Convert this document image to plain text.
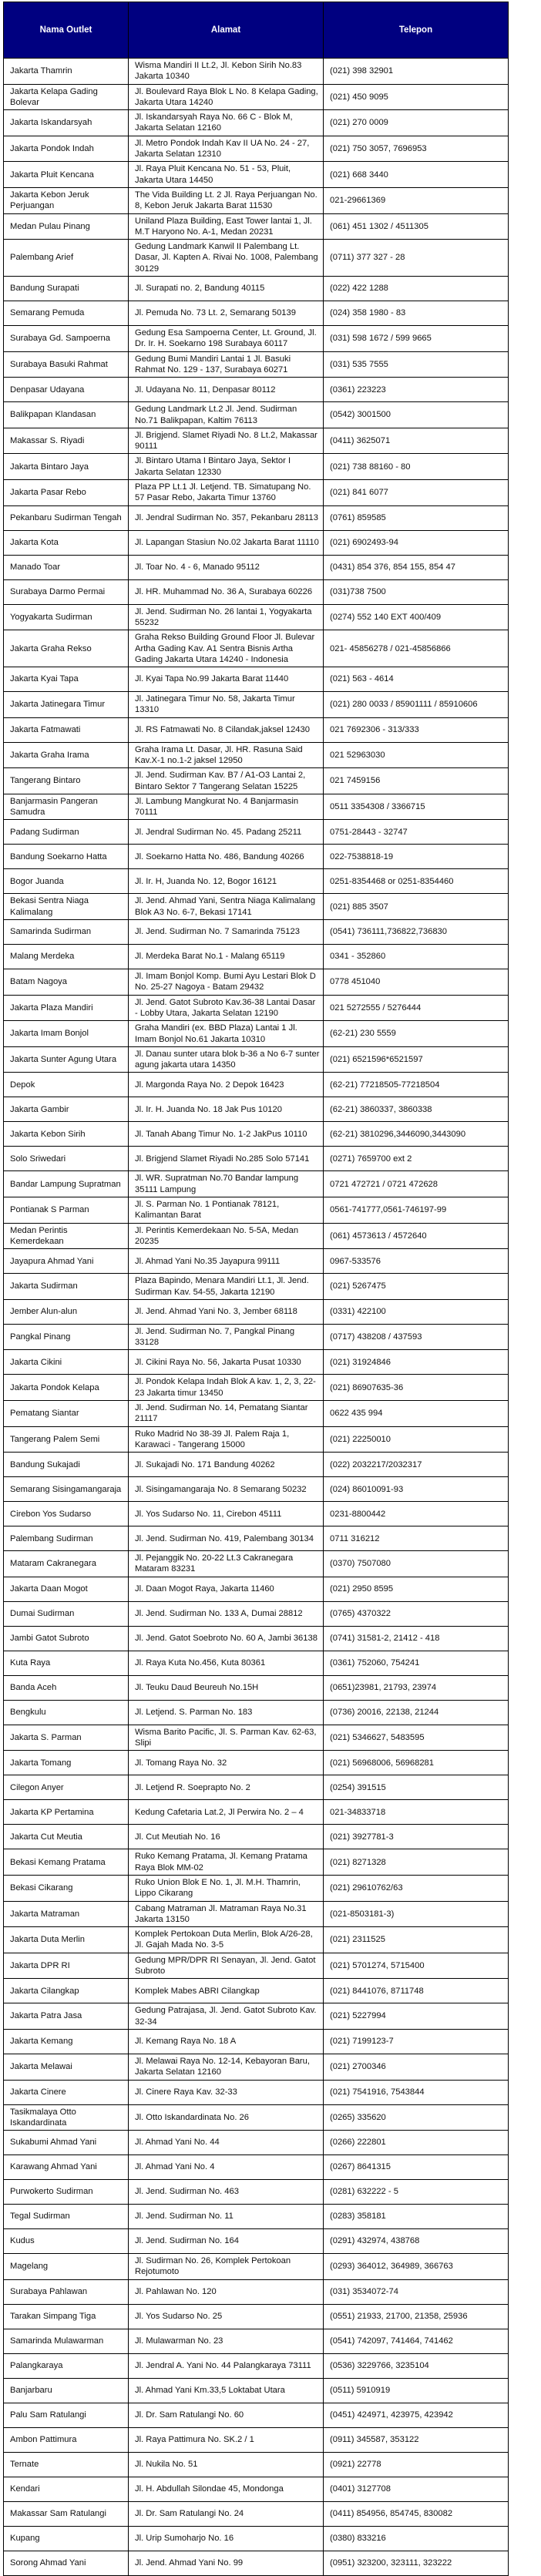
Nama Outlet	Alamat	Telepon
Jakarta Thamrin	Wisma Mandiri II Lt.2, Jl. Kebon Sirih No.83 Jakarta 10340	(021) 398 32901
Jakarta Kelapa Gading Bolevar	Jl. Boulevard Raya Blok L No. 8 Kelapa Gading, Jakarta Utara 14240	(021) 450 9095
Jakarta Iskandarsyah	Jl. Iskandarsyah Raya No. 66 C - Blok M, Jakarta Selatan 12160	(021) 270 0009
Jakarta Pondok Indah	Jl. Metro Pondok Indah Kav II UA No. 24 - 27, Jakarta Selatan 12310	(021) 750 3057, 7696953
Jakarta Pluit Kencana	Jl. Raya Pluit Kencana No. 51 - 53, Pluit, Jakarta Utara 14450	(021) 668 3440
Jakarta Kebon Jeruk Perjuangan	The Vida Building Lt. 2 Jl. Raya Perjuangan No. 8, Kebon Jeruk Jakarta Barat 11530	021-29661369
Medan Pulau Pinang	Uniland Plaza Building, East Tower lantai 1, Jl. M.T Haryono No. A-1, Medan 20231	(061) 451 1302 / 4511305
Palembang Arief	Gedung Landmark Kanwil II Palembang Lt. Dasar, Jl. Kapten A. Rivai No. 1008, Palembang 30129	(0711) 377 327 - 28
Bandung Surapati	Jl. Surapati no. 2, Bandung 40115	(022) 422 1288
Semarang Pemuda	Jl. Pemuda No. 73 Lt. 2, Semarang 50139	(024) 358 1980 - 83
Surabaya Gd. Sampoerna	Gedung Esa Sampoerna Center, Lt. Ground, Jl. Dr. Ir. H. Soekarno 198 Surabaya 60117	(031) 598 1672 / 599 9665
Surabaya Basuki Rahmat	Gedung Bumi Mandiri Lantai 1 Jl. Basuki Rahmat No. 129 - 137, Surabaya 60271	(031) 535 7555
Denpasar Udayana	Jl. Udayana No. 11, Denpasar 80112	(0361) 223223
Balikpapan Klandasan	Gedung Landmark Lt.2 Jl. Jend. Sudirman No.71 Balikpapan, Kaltim 76113	(0542) 3001500
Makassar S. Riyadi	Jl. Brigjend. Slamet Riyadi No. 8 Lt.2, Makassar 90111	(0411) 3625071
Jakarta Bintaro Jaya	Jl. Bintaro Utama I Bintaro Jaya, Sektor I Jakarta Selatan 12330	(021) 738 88160 - 80
Jakarta Pasar Rebo	Plaza PP Lt.1 Jl. Letjend. TB. Simatupang No. 57 Pasar Rebo, Jakarta Timur 13760	(021) 841 6077
Pekanbaru Sudirman Tengah	Jl. Jendral Sudirman No. 357, Pekanbaru 28113	(0761) 859585
Jakarta Kota	Jl. Lapangan Stasiun No.02 Jakarta Barat 11110	(021) 6902493-94
Manado Toar	Jl. Toar No. 4 - 6, Manado 95112	(0431) 854 376, 854 155, 854 47
Surabaya Darmo Permai	Jl. HR. Muhammad No. 36 A, Surabaya 60226	(031)738 7500
Yogyakarta Sudirman	Jl. Jend. Sudirman No. 26 lantai 1, Yogyakarta 55232	(0274) 552 140 EXT 400/409
Jakarta Graha Rekso	Graha Rekso Building Ground Floor Jl. Bulevar Artha Gading Kav. A1 Sentra Bisnis Artha Gading Jakarta Utara 14240 - Indonesia	021- 45856278 / 021-45856866
Jakarta Kyai Tapa	Jl. Kyai Tapa No.99 Jakarta Barat 11440	(021) 563 - 4614
Jakarta Jatinegara Timur	Jl. Jatinegara Timur No. 58, Jakarta Timur 13310	(021) 280 0033 / 85901111 / 85910606
Jakarta Fatmawati	Jl. RS Fatmawati No. 8 Cilandak,jaksel 12430	021 7692306 - 313/333
Jakarta Graha Irama	Graha Irama Lt. Dasar, Jl. HR. Rasuna Said Kav.X-1 no.1-2 jaksel 12950	021 52963030
Tangerang Bintaro	Jl. Jend. Sudirman Kav. B7 / A1-O3 Lantai 2, Bintaro Sektor 7 Tangerang Selatan 15225	021 7459156
Banjarmasin Pangeran Samudra	Jl. Lambung Mangkurat No. 4 Banjarmasin 70111	0511 3354308 / 3366715
Padang Sudirman	Jl. Jendral Sudirman No. 45. Padang 25211	0751-28443 - 32747
Bandung Soekarno Hatta	Jl. Soekarno Hatta No. 486, Bandung 40266	022-7538818-19
Bogor Juanda	Jl. Ir. H, Juanda No. 12, Bogor 16121	0251-8354468 or 0251-8354460
Bekasi Sentra Niaga Kalimalang	Jl. Jend. Ahmad Yani, Sentra Niaga Kalimalang Blok A3 No. 6-7, Bekasi 17141	(021) 885 3507
Samarinda Sudirman	Jl. Jend. Sudirman No. 7 Samarinda 75123	(0541) 736111,736822,736830
Malang Merdeka	Jl. Merdeka Barat No.1 - Malang 65119	0341 - 352860
Batam Nagoya	Jl. Imam Bonjol Komp. Bumi Ayu Lestari Blok D No. 25-27 Nagoya - Batam 29432	0778 451040
Jakarta Plaza Mandiri	Jl. Jend. Gatot Subroto Kav.36-38 Lantai Dasar - Lobby Utara, Jakarta Selatan 12190	021 5272555 / 5276444
Jakarta Imam Bonjol	Graha Mandiri (ex. BBD Plaza) Lantai 1 Jl. Imam Bonjol No.61 Jakarta 10310	(62-21) 230 5559
Jakarta Sunter Agung Utara	Jl. Danau sunter utara blok b-36 a No 6-7 sunter agung jakarta utara 14350	(021) 6521596*6521597
Depok	Jl. Margonda Raya No. 2 Depok 16423	(62-21) 77218505-77218504
Jakarta Gambir	Jl. Ir. H. Juanda No. 18 Jak Pus 10120	(62-21) 3860337, 3860338
Jakarta Kebon Sirih	Jl. Tanah Abang Timur No. 1-2 JakPus 10110	(62-21) 3810296,3446090,3443090
Solo Sriwedari	Jl. Brigjend Slamet Riyadi No.285 Solo 57141	(0271) 7659700 ext 2
Bandar Lampung Supratman	Jl. WR. Supratman No.70 Bandar lampung 35111 Lampung	0721 472721 / 0721 472628
Pontianak S Parman	Jl. S. Parman No. 1 Pontianak 78121, Kalimantan Barat	0561-741777,0561-746197-99
Medan Perintis Kemerdekaan	Jl. Perintis Kemerdekaan No. 5-5A, Medan 20235	(061) 4573613 / 4572640
Jayapura Ahmad Yani	Jl. Ahmad Yani No.35 Jayapura 99111	0967-533576
Jakarta Sudirman	Plaza Bapindo, Menara Mandiri Lt.1, Jl. Jend. Sudirman Kav. 54-55, Jakarta 12190	(021) 5267475
Jember Alun-alun	Jl. Jend. Ahmad Yani No. 3, Jember 68118	(0331) 422100
Pangkal Pinang	Jl. Jend. Sudirman No. 7, Pangkal Pinang 33128	(0717) 438208 / 437593
Jakarta Cikini	Jl. Cikini Raya No. 56, Jakarta Pusat 10330	(021) 31924846
Jakarta Pondok Kelapa	Jl. Pondok Kelapa Indah Blok A kav. 1, 2, 3, 22-23 Jakarta timur 13450	(021) 86907635-36
Pematang Siantar	Jl. Jend. Sudirman No. 14, Pematang Siantar 21117	0622 435 994
Tangerang Palem Semi	Ruko Madrid No 38-39 Jl. Palem Raja 1, Karawaci - Tangerang 15000	(021) 22250010
Bandung Sukajadi	Jl. Sukajadi No. 171 Bandung 40262	(022) 2032217/2032317
Semarang Sisingamangaraja	Jl. Sisingamangaraja No. 8 Semarang 50232	(024) 86010091-93
Cirebon Yos Sudarso	Jl. Yos Sudarso No. 11, Cirebon 45111	0231-8800442
Palembang Sudirman	Jl. Jend. Sudirman No. 419, Palembang 30134	0711 316212
Mataram Cakranegara	Jl. Pejanggik No. 20-22 Lt.3 Cakranegara Mataram 83231	(0370) 7507080
Jakarta Daan Mogot	Jl. Daan Mogot Raya, Jakarta 11460	(021) 2950 8595
Dumai Sudirman	Jl. Jend. Sudirman No. 133 A, Dumai 28812	(0765) 4370322
Jambi Gatot Subroto	Jl. Jend. Gatot Soebroto No. 60 A, Jambi 36138	(0741) 31581-2, 21412 - 418
Kuta Raya	Jl. Raya Kuta No.456, Kuta 80361	(0361) 752060, 754241
Banda Aceh	Jl. Teuku Daud Beureuh No.15H	(0651)23981, 21793, 23974
Bengkulu	Jl. Letjend. S. Parman No. 183	(0736) 20016, 22138, 21244
Jakarta S. Parman	Wisma Barito Pacific, Jl. S. Parman Kav. 62-63, Slipi	(021) 5346627, 5483595
Jakarta Tomang	Jl. Tomang Raya No. 32	(021) 56968006, 56968281
Cilegon Anyer	Jl. Letjend R. Soeprapto No. 2	(0254) 391515
Jakarta KP Pertamina	Kedung Cafetaria Lat.2, Jl Perwira No. 2 – 4	021-34833718
Jakarta Cut Meutia	Jl. Cut Meutiah No. 16	(021) 3927781-3
Bekasi Kemang Pratama	Ruko Kemang Pratama, Jl. Kemang Pratama Raya Blok MM-02	(021) 8271328
Bekasi Cikarang	Ruko Union Blok E No. 1, Jl. M.H. Thamrin, Lippo Cikarang	(021) 29610762/63
Jakarta Matraman	Cabang Matraman Jl. Matraman Raya No.31 Jakarta 13150	(021-8503181-3)
Jakarta Duta Merlin	Komplek Pertokoan Duta Merlin, Blok A/26-28, Jl. Gajah Mada No. 3-5	(021) 2311525
Jakarta DPR RI	Gedung MPR/DPR RI Senayan, Jl. Jend. Gatot Subroto	(021) 5701274, 5715400
Jakarta Cilangkap	Komplek Mabes ABRI Cilangkap	(021) 8441076, 8711748
Jakarta Patra Jasa	Gedung Patrajasa, Jl. Jend. Gatot Subroto Kav. 32-34	(021) 5227994
Jakarta Kemang	Jl. Kemang Raya No. 18 A	(021) 7199123-7
Jakarta Melawai	Jl. Melawai Raya No. 12-14, Kebayoran Baru, Jakarta Selatan 12160	(021) 2700346
Jakarta Cinere	Jl. Cinere Raya Kav. 32-33	(021) 7541916, 7543844
Tasikmalaya Otto Iskandardinata	Jl. Otto Iskandardinata No. 26	(0265) 335620
Sukabumi Ahmad Yani	Jl. Ahmad Yani No. 44	(0266) 222801
Karawang Ahmad Yani	Jl. Ahmad Yani No. 4	(0267) 8641315
Purwokerto Sudirman	Jl. Jend. Sudirman No. 463	(0281) 632222 - 5
Tegal Sudirman	Jl. Jend. Sudirman No. 11	(0283) 358181
Kudus	Jl. Jend. Sudirman No. 164	(0291) 432974, 438768
Magelang	Jl. Sudirman No. 26, Komplek Pertokoan Rejotumoto	(0293) 364012, 364989, 366763
Surabaya Pahlawan	Jl. Pahlawan No. 120	(031) 3534072-74
Tarakan Simpang Tiga	Jl. Yos Sudarso No. 25	(0551) 21933, 21700, 21358, 25936
Samarinda Mulawarman	Jl. Mulawarman No. 23	(0541) 742097, 741464, 741462
Palangkaraya	Jl. Jendral A. Yani No. 44 Palangkaraya 73111	(0536) 3229766, 3235104
Banjarbaru	Jl. Ahmad Yani Km.33,5 Loktabat Utara	(0511) 5910919
Palu Sam Ratulangi	Jl. Dr. Sam Ratulangi No. 60	(0451) 424971, 423975, 423942
Ambon Pattimura	Jl. Raya Pattimura No. SK.2 / 1	(0911) 345587, 353122
Ternate	Jl. Nukila No. 51	(0921) 22778
Kendari	Jl. H. Abdullah Silondae 45, Mondonga	(0401) 3127708
Makassar Sam Ratulangi	Jl. Dr. Sam Ratulangi No. 24	(0411) 854956, 854745, 830082
Kupang	Jl. Urip Sumoharjo No. 16	(0380) 833216
Sorong Ahmad Yani	Jl. Jend. Ahmad Yani No. 99	(0951) 323200, 323111, 323222
